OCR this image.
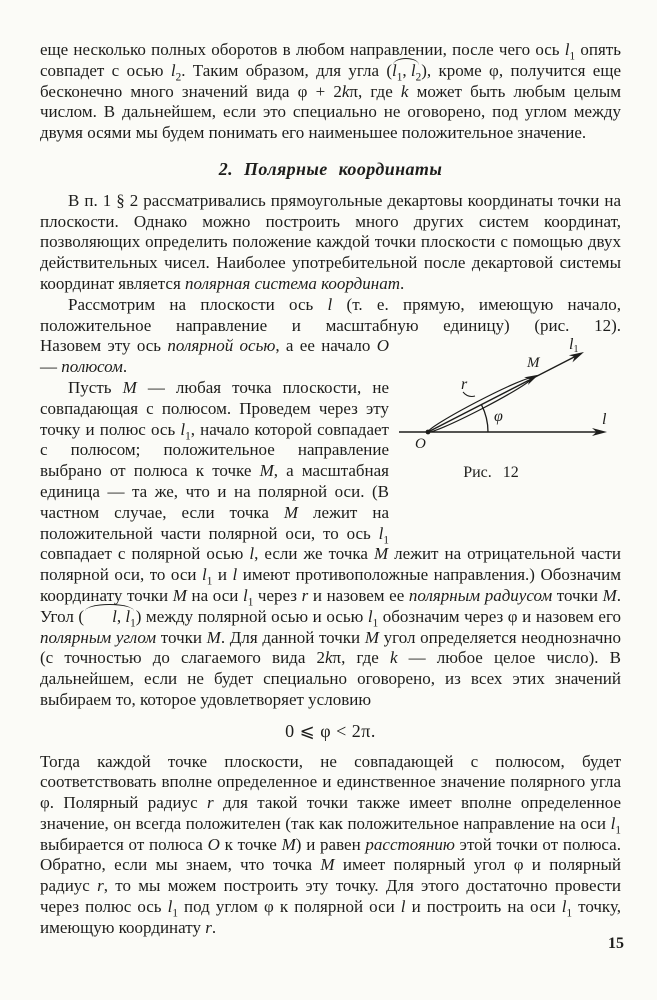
еще несколько полных оборотов в любом направлении, после чего ось $l_1$ опять совпадет с осью $l_2$. Таким образом, для угла ($l_1$, $l_2$), кроме φ, получится еще бесконечно много значений вида φ + 2kπ, где k может быть любым целым числом. В дальнейшем, если это специально не оговорено, под углом между двумя осями мы будем понимать его наименьшее положительное значение.

2. Полярные координаты

В п. 1 § 2 рассматривались прямоугольные декартовы координаты точки на плоскости. Однако можно построить много других систем координат, позволяющих определить положение каждой точки плоскости с помощью двух действительных чисел. Наиболее употребительной после декартовой системы координат является полярная система координат.

Рассмотрим на плоскости ось l (т. е. прямую, имеющую начало, положительное направление и масштабную единицу) (рис. 12).

l
l1
O
M
r
φ
Рис. 12

Назовем эту ось полярной осью, а ее начало O — полюсом.

Пусть M — любая точка плоскости, не совпадающая с полюсом. Проведем через эту точку и полюс ось $l_1$, начало которой совпадает с полюсом; положительное направление выбрано от полюса к точке M, а масштабная единица — та же, что и на полярной оси. (В частном случае, если точка M лежит на положительной части полярной оси, то ось $l_1$ совпадает с полярной осью l, если же точка M лежит на отрицательной части полярной оси, то оси $l_1$ и l имеют противоположные направления.) Обозначим координату точки M на оси $l_1$ через r и назовем ее полярным радиусом точки M. Угол ( l, $l_1$) между полярной осью и осью $l_1$ обозначим через φ и назовем его полярным углом точки M. Для данной точки M угол определяется неоднозначно (с точностью до слагаемого вида 2kπ, где k — любое целое число). В дальнейшем, если не будет специально оговорено, из всех этих значений выбираем то, которое удовлетворяет условию

0 ⩽ φ < 2π.

Тогда каждой точке плоскости, не совпадающей с полюсом, будет соответствовать вполне определенное и единственное значение полярного угла φ. Полярный радиус r для такой точки также имеет вполне определенное значение, он всегда положителен (так как положительное направление на оси $l_1$ выбирается от полюса O к точке M) и равен расстоянию этой точки от полюса. Обратно, если мы знаем, что точка M имеет полярный угол φ и полярный радиус r, то мы можем построить эту точку. Для этого достаточно провести через полюс ось $l_1$ под углом φ к полярной оси l и построить на оси $l_1$ точку, имеющую координату r.

15
